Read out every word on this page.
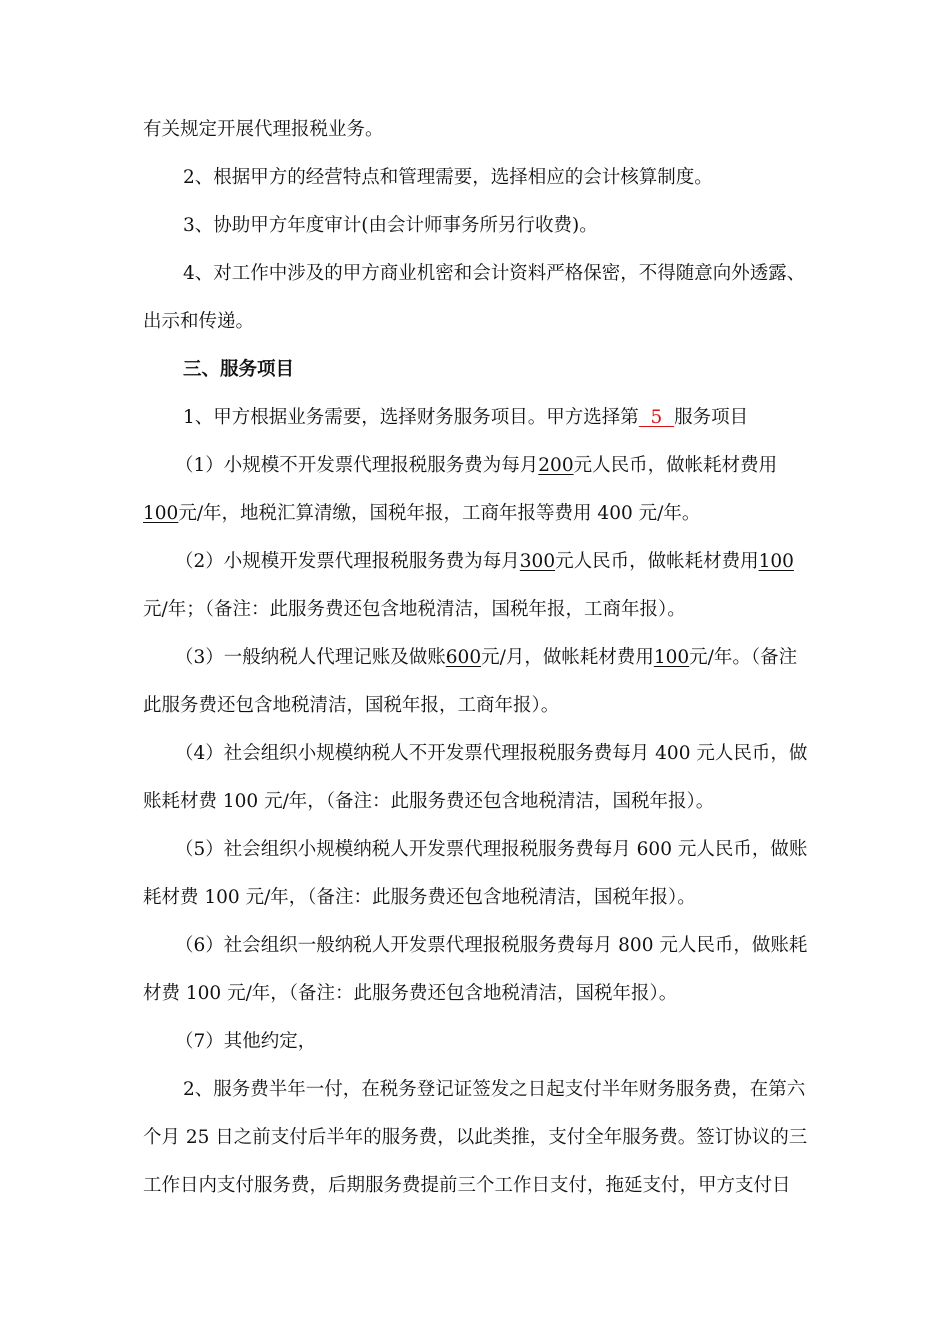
有关规定开展代理报税业务。
2、根据甲方的经营特点和管理需要，选择相应的会计核算制度。
3、协助甲方年度审计(由会计师事务所另行收费)。
4、对工作中涉及的甲方商业机密和会计资料严格保密，不得随意向外透露、
出示和传递。
三、服务项目
1、甲方根据业务需要，选择财务服务项目。甲方选择第  5  服务项目
（1）小规模不开发票代理报税服务费为每月200元人民币，做帐耗材费用
100元/年，地税汇算清缴，国税年报，工商年报等费用 400 元/年。
（2）小规模开发票代理报税服务费为每月300元人民币，做帐耗材费用100
元/年；（备注：此服务费还包含地税清洁，国税年报，工商年报）。
（3）一般纳税人代理记账及做账600元/月，做帐耗材费用100元/年。（备注
此服务费还包含地税清洁，国税年报，工商年报）。
（4）社会组织小规模纳税人不开发票代理报税服务费每月 400 元人民币，做
账耗材费 100 元/年，（备注：此服务费还包含地税清洁，国税年报）。
（5）社会组织小规模纳税人开发票代理报税服务费每月 600 元人民币，做账
耗材费 100 元/年，（备注：此服务费还包含地税清洁，国税年报）。
（6）社会组织一般纳税人开发票代理报税服务费每月 800 元人民币，做账耗
材费 100 元/年，（备注：此服务费还包含地税清洁，国税年报）。
（7）其他约定，
2、服务费半年一付，在税务登记证签发之日起支付半年财务服务费，在第六
个月 25 日之前支付后半年的服务费，以此类推，支付全年服务费。签订协议的三
工作日内支付服务费，后期服务费提前三个工作日支付，拖延支付，甲方支付日
